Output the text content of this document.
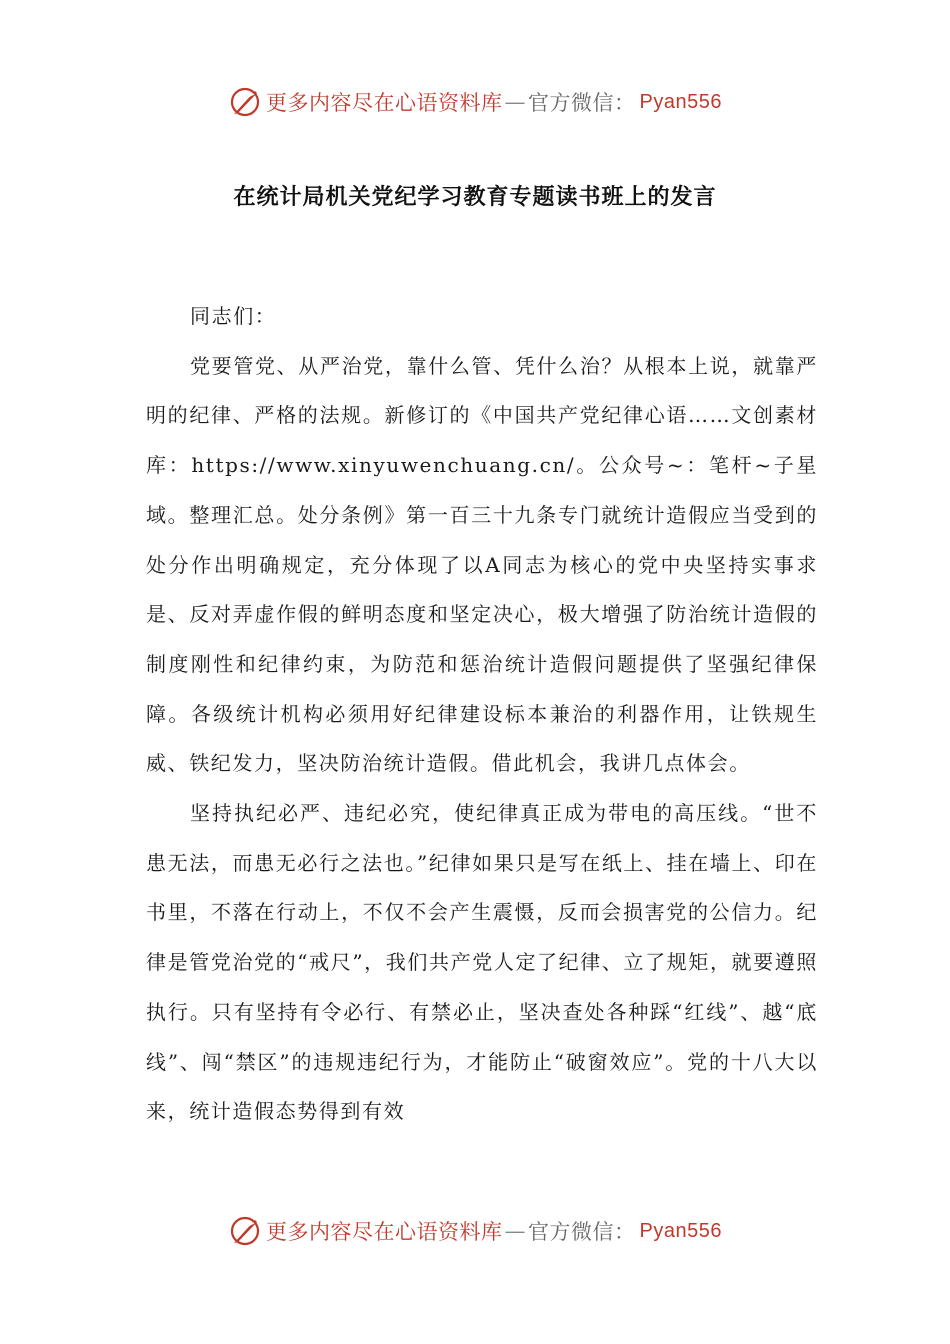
更多内容尽在心语资料库 — 官方微信： Pyan556
在统计局机关党纪学习教育专题读书班上的发言

同志们：

党要管党、从严治党，靠什么管、凭什么治？从根本上说，就靠严明的纪律、严格的法规。新修订的《中国共产党纪律心语……文创素材库：https://www.xinyuwenchuang.cn/。公众号~：笔杆~子星域。整理汇总。处分条例》第一百三十九条专门就统计造假应当受到的处分作出明确规定，充分体现了以A同志为核心的党中央坚持实事求是、反对弄虚作假的鲜明态度和坚定决心，极大增强了防治统计造假的制度刚性和纪律约束，为防范和惩治统计造假问题提供了坚强纪律保障。各级统计机构必须用好纪律建设标本兼治的利器作用，让铁规生威、铁纪发力，坚决防治统计造假。借此机会，我讲几点体会。

坚持执纪必严、违纪必究，使纪律真正成为带电的高压线。“世不患无法，而患无必行之法也。”纪律如果只是写在纸上、挂在墙上、印在书里，不落在行动上，不仅不会产生震慑，反而会损害党的公信力。纪律是管党治党的“戒尺”，我们共产党人定了纪律、立了规矩，就要遵照执行。只有坚持有令必行、有禁必止，坚决查处各种踩“红线”、越“底线”、闯“禁区”的违规违纪行为，才能防止“破窗效应”。党的十八大以来，统计造假态势得到有效

更多内容尽在心语资料库 — 官方微信： Pyan556
